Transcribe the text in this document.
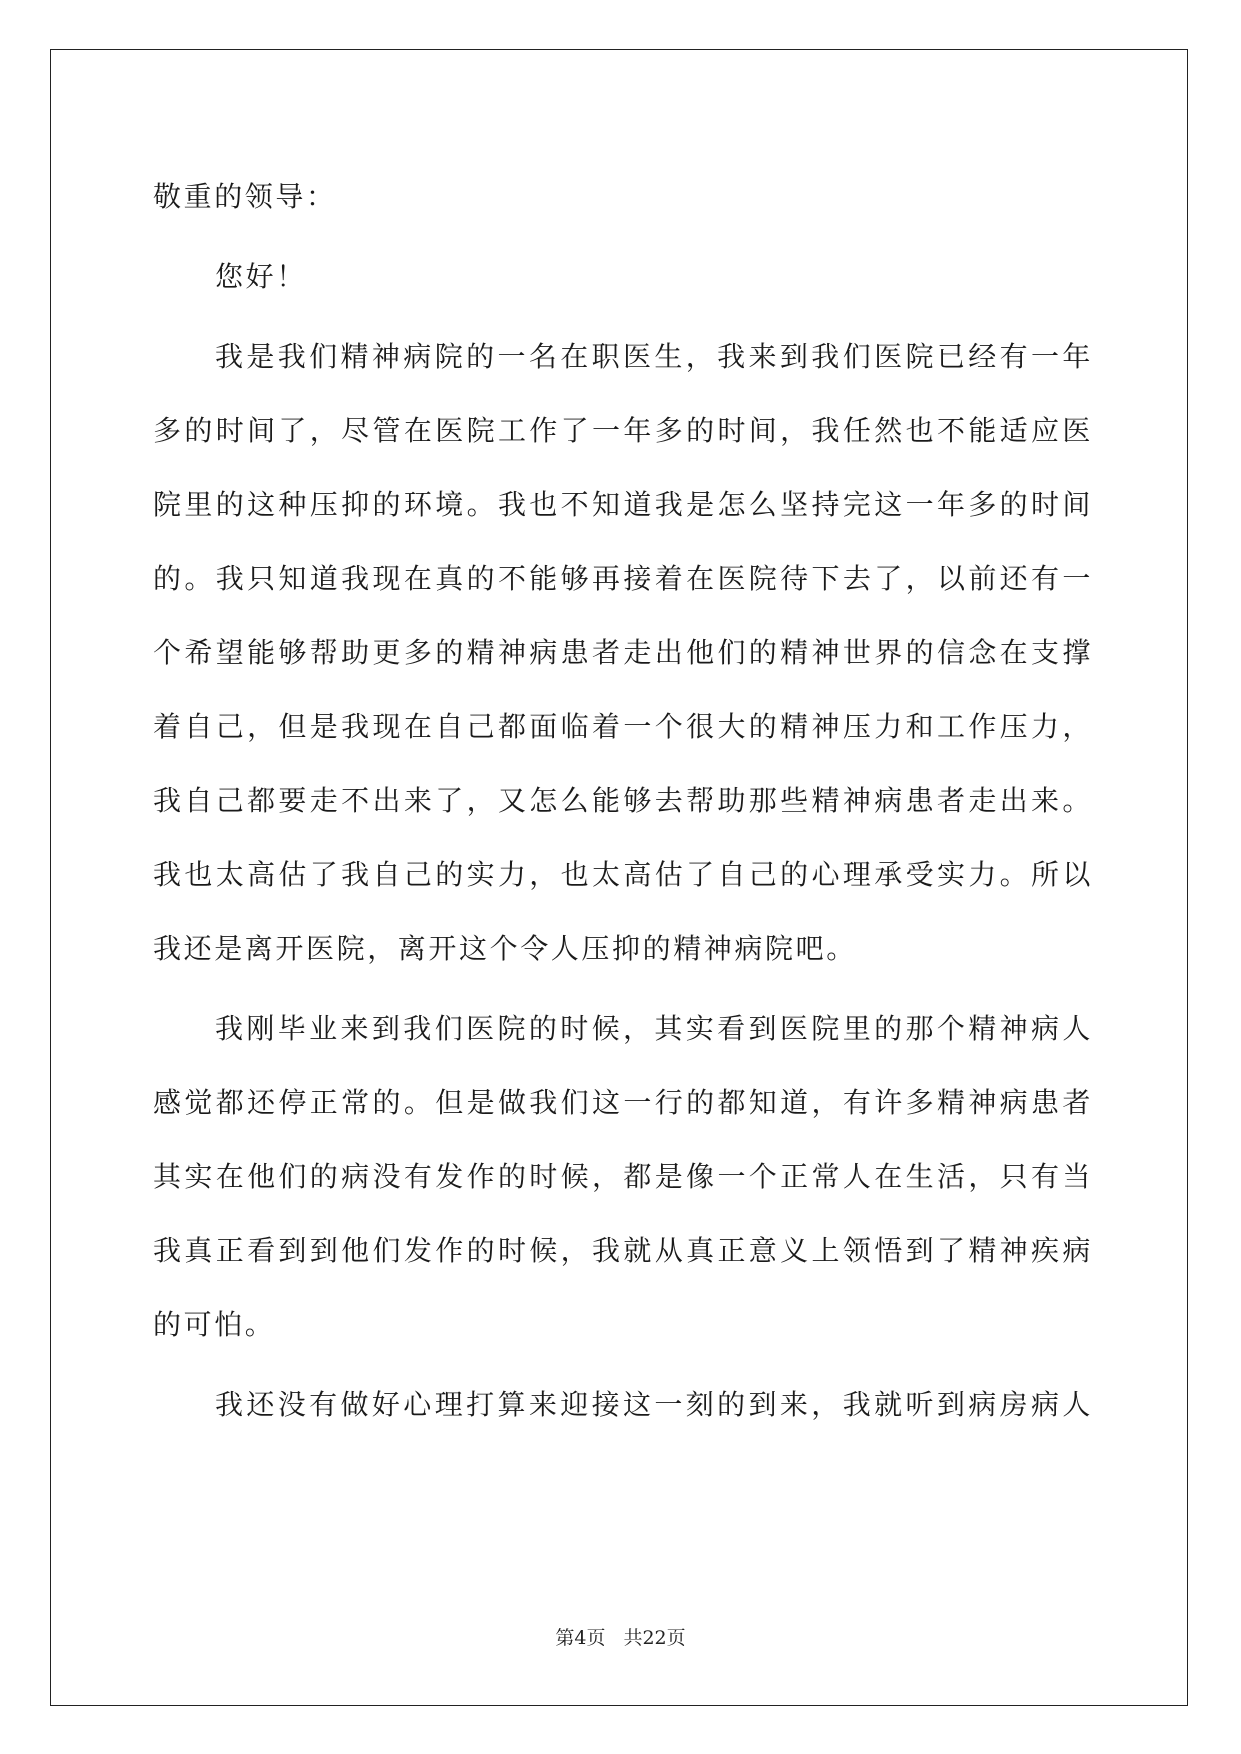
敬重的领导：
您好！
我是我们精神病院的一名在职医生，我来到我们医院已经有一年
多的时间了，尽管在医院工作了一年多的时间，我任然也不能适应医
院里的这种压抑的环境。我也不知道我是怎么坚持完这一年多的时间
的。我只知道我现在真的不能够再接着在医院待下去了，以前还有一
个希望能够帮助更多的精神病患者走出他们的精神世界的信念在支撑
着自己，但是我现在自己都面临着一个很大的精神压力和工作压力，
我自己都要走不出来了，又怎么能够去帮助那些精神病患者走出来。
我也太高估了我自己的实力，也太高估了自己的心理承受实力。所以
我还是离开医院，离开这个令人压抑的精神病院吧。
我刚毕业来到我们医院的时候，其实看到医院里的那个精神病人
感觉都还停正常的。但是做我们这一行的都知道，有许多精神病患者
其实在他们的病没有发作的时候，都是像一个正常人在生活，只有当
我真正看到到他们发作的时候，我就从真正意义上领悟到了精神疾病
的可怕。
我还没有做好心理打算来迎接这一刻的到来，我就听到病房病人
第4页 共22页
